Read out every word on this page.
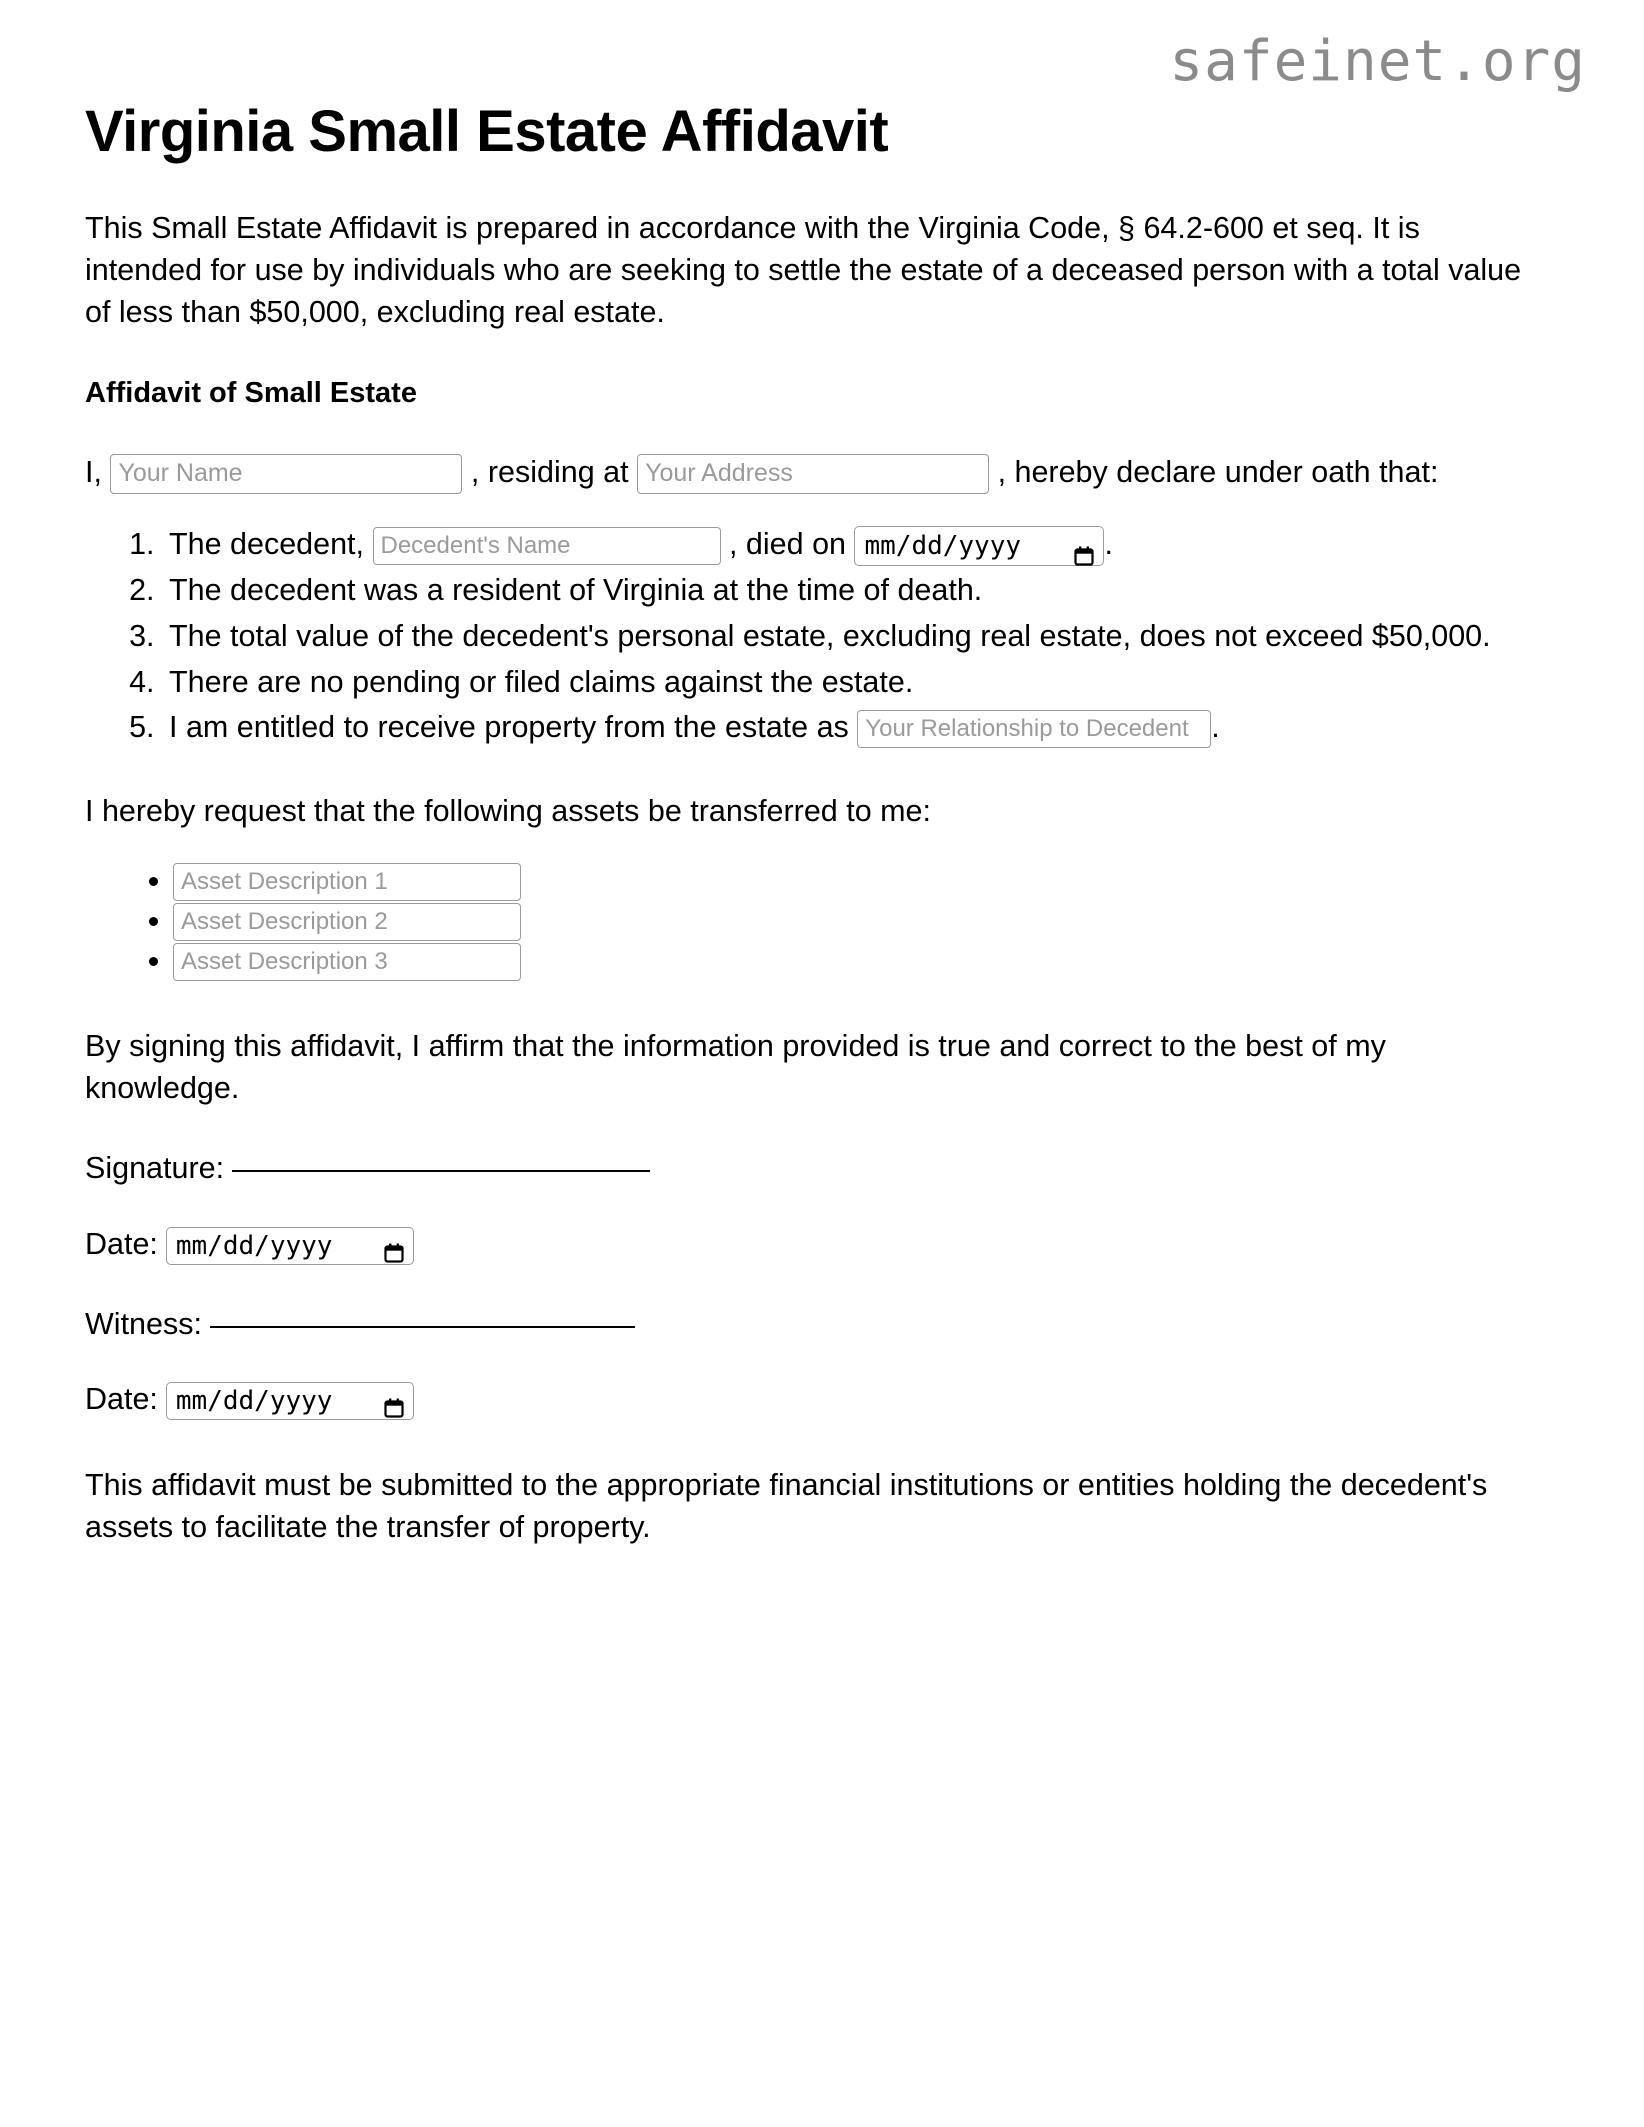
safeinet.org
Virginia Small Estate Affidavit

This Small Estate Affidavit is prepared in accordance with the Virginia Code, § 64.2-600 et seq. It is intended for use by individuals who are seeking to settle the estate of a deceased person with a total value of less than $50,000, excluding real estate.

Affidavit of Small Estate
I, Your Name	, residing at Your Address	, hereby declare under oath that:
1. The decedent, Decedent's Name	, died on mm/dd/yyyy	.
2. The decedent was a resident of Virginia at the time of death.
3. The total value of the decedent's personal estate, excluding real estate, does not exceed $50,000.
4. There are no pending or filed claims against the estate.
5. I am entitled to receive property from the estate as Your Relationship to Decedent	.

I hereby request that the following assets be transferred to me:

• Asset Description 1
• Asset Description 2
• Asset Description 3

By signing this affidavit, I affirm that the information provided is true and correct to the best of my knowledge.

Signature:
Date: mm/dd/yyyy
Witness:
Date: mm/dd/yyyy

This affidavit must be submitted to the appropriate financial institutions or entities holding the decedent's assets to facilitate the transfer of property.
